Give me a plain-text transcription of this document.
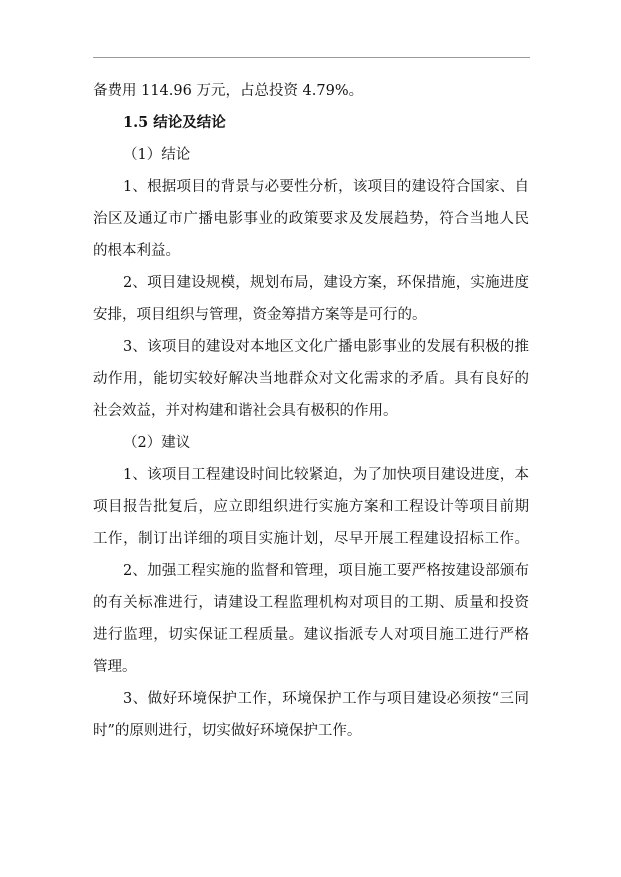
备费用 114.96 万元，占总投资 4.79%。
1.5 结论及结论
（1）结论
1、根据项目的背景与必要性分析，该项目的建设符合国家、自
治区及通辽市广播电影事业的政策要求及发展趋势，符合当地人民
的根本利益。
2、项目建设规模，规划布局，建设方案，环保措施，实施进度
安排，项目组织与管理，资金筹措方案等是可行的。
3、该项目的建设对本地区文化广播电影事业的发展有积极的推
动作用，能切实较好解决当地群众对文化需求的矛盾。具有良好的
社会效益，并对构建和谐社会具有极积的作用。
（2）建议
1、该项目工程建设时间比较紧迫，为了加快项目建设进度，本
项目报告批复后，应立即组织进行实施方案和工程设计等项目前期
工作，制订出详细的项目实施计划，尽早开展工程建设招标工作。
2、加强工程实施的监督和管理，项目施工要严格按建设部颁布
的有关标准进行，请建设工程监理机构对项目的工期、质量和投资
进行监理，切实保证工程质量。建议指派专人对项目施工进行严格
管理。
3、做好环境保护工作，环境保护工作与项目建设必须按“三同
时”的原则进行，切实做好环境保护工作。
